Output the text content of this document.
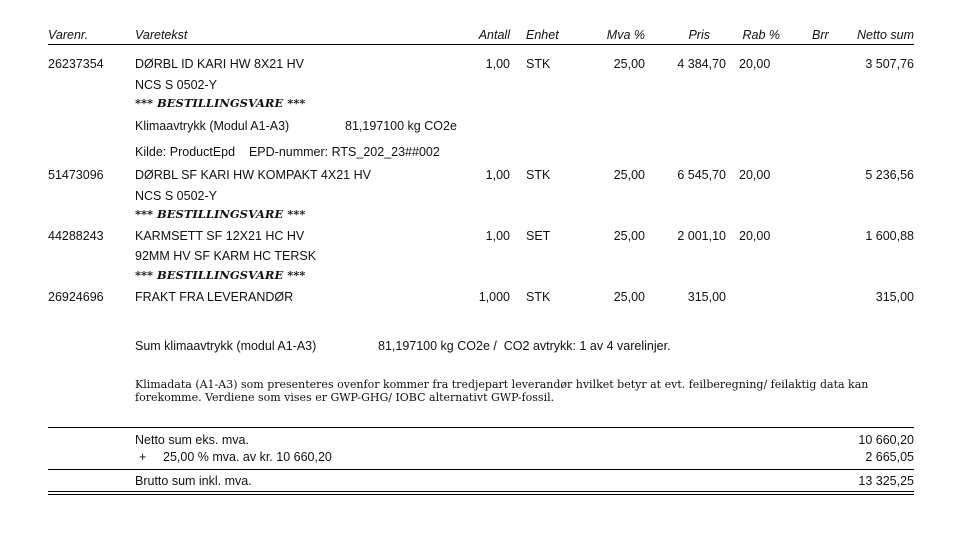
Varenr.	Varetekst	Antall Enhet	Mva %	Pris	Rab %	Brr	Netto sum
26237354	DØRBL ID KARI HW 8X21 HV	1,00 STK	25,00	4 384,70 20,00	3 507,76
NCS S 0502-Y
*** BESTILLINGSVARE ***
Klimaavtrykk (Modul A1-A3)	81,197100 kg CO2e
Kilde: ProductEpd    EPD-nummer: RTS_202_23##002
51473096	DØRBL SF KARI HW KOMPAKT 4X21 HV	1,00 STK	25,00	6 545,70 20,00	5 236,56
NCS S 0502-Y
*** BESTILLINGSVARE ***
44288243	KARMSETT SF 12X21 HC HV	1,00 SET	25,00	2 001,10 20,00	1 600,88
92MM HV SF KARM HC TERSK
*** BESTILLINGSVARE ***
26924696	FRAKT FRA LEVERANDØR	1,000 STK	25,00	315,00	315,00
Sum klimaavtrykk (modul A1-A3)	81,197100 kg CO2e /  CO2 avtrykk: 1 av 4 varelinjer.
Klimadata (A1-A3) som presenteres ovenfor kommer fra tredjepart leverandør hvilket betyr at evt. feilberegning/ feilaktig data kan forekomme. Verdiene som vises er GWP-GHG/ IOBC alternativt GWP-fossil.
Netto sum eks. mva.	10 660,20
+ 25,00 % mva. av kr. 10 660,20	2 665,05
Brutto sum inkl. mva.	13 325,25
